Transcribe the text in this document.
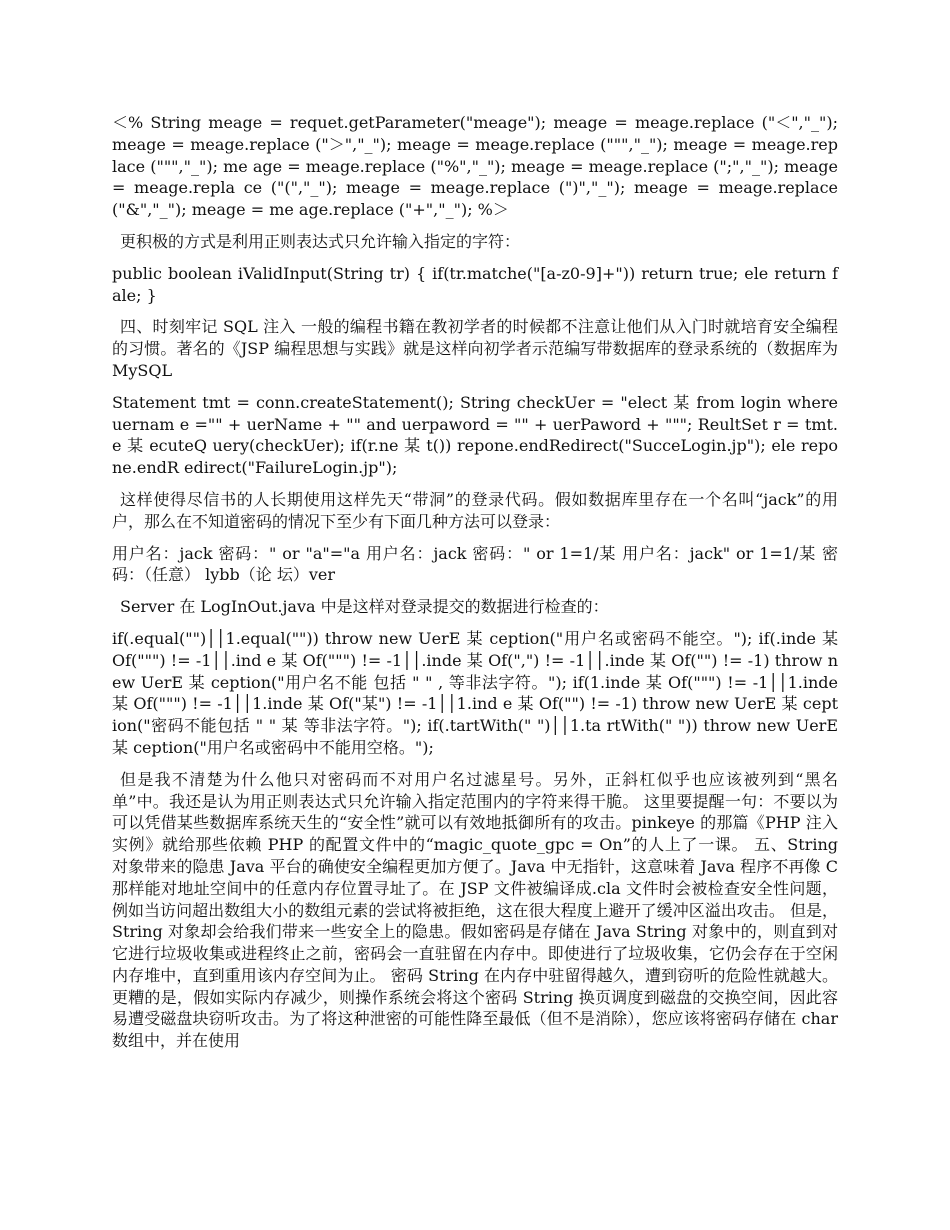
＜% String meage = requet.getParameter("meage"); meage = meage.replace ("＜","_"); meage = meage.replace ("＞","_"); meage = meage.replace (""","_"); meage = meage.replace (""","_"); me age = meage.replace ("%","_"); meage = meage.replace (";","_"); meage = meage.repla ce ("(","_"); meage = meage.replace (")","_"); meage = meage.replace ("&","_"); meage = me age.replace ("+","_"); %＞

更积极的方式是利用正则表达式只允许输入指定的字符：

public boolean iValidInput(String tr) { if(tr.matche("[a-z0-9]+")) return true; ele return fale; }

四、时刻牢记 SQL 注入 一般的编程书籍在教初学者的时候都不注意让他们从入门时就培育安全编程的习惯。著名的《JSP 编程思想与实践》就是这样向初学者示范编写带数据库的登录系统的（数据库为 MySQL

Statement tmt = conn.createStatement(); String checkUer = "elect 某 from login where uernam e ="" + uerName + "" and uerpaword = "" + uerPaword + """; ReultSet r = tmt.e 某 ecuteQ uery(checkUer); if(r.ne 某 t()) repone.endRedirect("SucceLogin.jp"); ele repone.endR edirect("FailureLogin.jp");

这样使得尽信书的人长期使用这样先天“带洞”的登录代码。假如数据库里存在一个名叫“jack”的用户，那么在不知道密码的情况下至少有下面几种方法可以登录：

用户名：jack 密码：" or "a"="a 用户名：jack 密码：" or 1=1/某 用户名：jack" or 1=1/某 密码：（任意） lybb（论 坛）ver

Server 在 LogInOut.java 中是这样对登录提交的数据进行检查的：

if(.equal("")││1.equal("")) throw new UerE 某 ception("用户名或密码不能空。"); if(.inde 某 Of(""") != -1││.ind e 某 Of(""") != -1││.inde 某 Of(",") != -1││.inde 某 Of("") != -1) throw new UerE 某 ception("用户名不能 包括 " " , 等非法字符。"); if(1.inde 某 Of(""") != -1││1.inde 某 Of(""") != -1││1.inde 某 Of("某") != -1││1.ind e 某 Of("") != -1) throw new UerE 某 ception("密码不能包括 " " 某 等非法字符。"); if(.tartWith(" ")││1.ta rtWith(" ")) throw new UerE 某 ception("用户名或密码中不能用空格。");

但是我不清楚为什么他只对密码而不对用户名过滤星号。另外，正斜杠似乎也应该被列到“黑名单”中。我还是认为用正则表达式只允许输入指定范围内的字符来得干脆。 这里要提醒一句：不要以为可以凭借某些数据库系统天生的“安全性”就可以有效地抵御所有的攻击。pinkeye 的那篇《PHP 注入实例》就给那些依赖 PHP 的配置文件中的“magic_quote_gpc = On”的人上了一课。 五、String 对象带来的隐患 Java 平台的确使安全编程更加方便了。Java 中无指针，这意味着 Java 程序不再像 C 那样能对地址空间中的任意内存位置寻址了。在 JSP 文件被编译成.cla 文件时会被检查安全性问题，例如当访问超出数组大小的数组元素的尝试将被拒绝，这在很大程度上避开了缓冲区溢出攻击。 但是，String 对象却会给我们带来一些安全上的隐患。假如密码是存储在 Java String 对象中的，则直到对它进行垃圾收集或进程终止之前，密码会一直驻留在内存中。即使进行了垃圾收集，它仍会存在于空闲内存堆中，直到重用该内存空间为止。 密码 String 在内存中驻留得越久，遭到窃听的危险性就越大。更糟的是，假如实际内存减少，则操作系统会将这个密码 String 换页调度到磁盘的交换空间，因此容易遭受磁盘块窃听攻击。为了将这种泄密的可能性降至最低（但不是消除），您应该将密码存储在 char 数组中，并在使用
